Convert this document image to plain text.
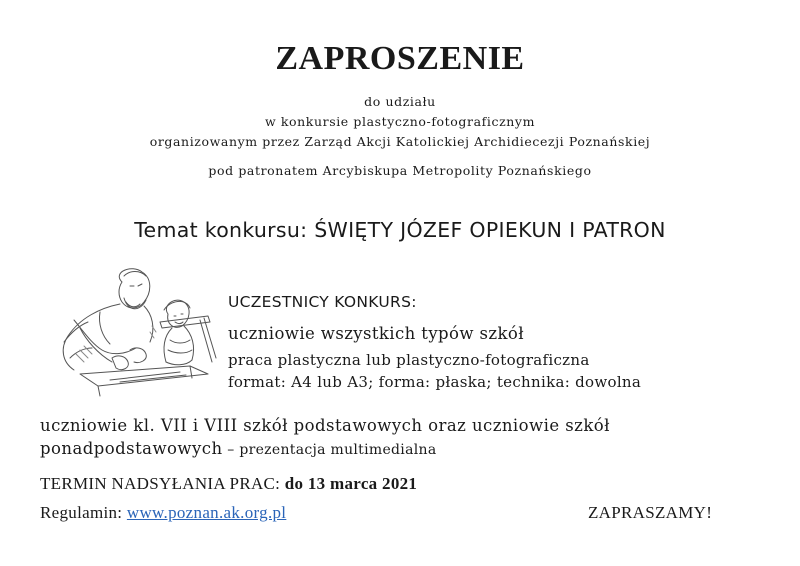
ZAPROSZENIE
do udziału
w konkursie plastyczno-fotograficznym
organizowanym przez Zarząd Akcji Katolickiej Archidiecezji Poznańskiej
pod patronatem Arcybiskupa Metropolity Poznańskiego
Temat konkursu: ŚWIĘTY JÓZEF OPIEKUN I PATRON
UCZESTNICY KONKURS:
uczniowie wszystkich typów szkół
praca plastyczna lub plastyczno-fotograficzna
format: A4 lub A3; forma: płaska; technika: dowolna
uczniowie kl. VII i VIII szkół podstawowych oraz uczniowie szkół
ponadpodstawowych – prezentacja multimedialna
TERMIN NADSYŁANIA PRAC: do 13 marca 2021
Regulamin: www.poznan.ak.org.pl	ZAPRASZAMY!
